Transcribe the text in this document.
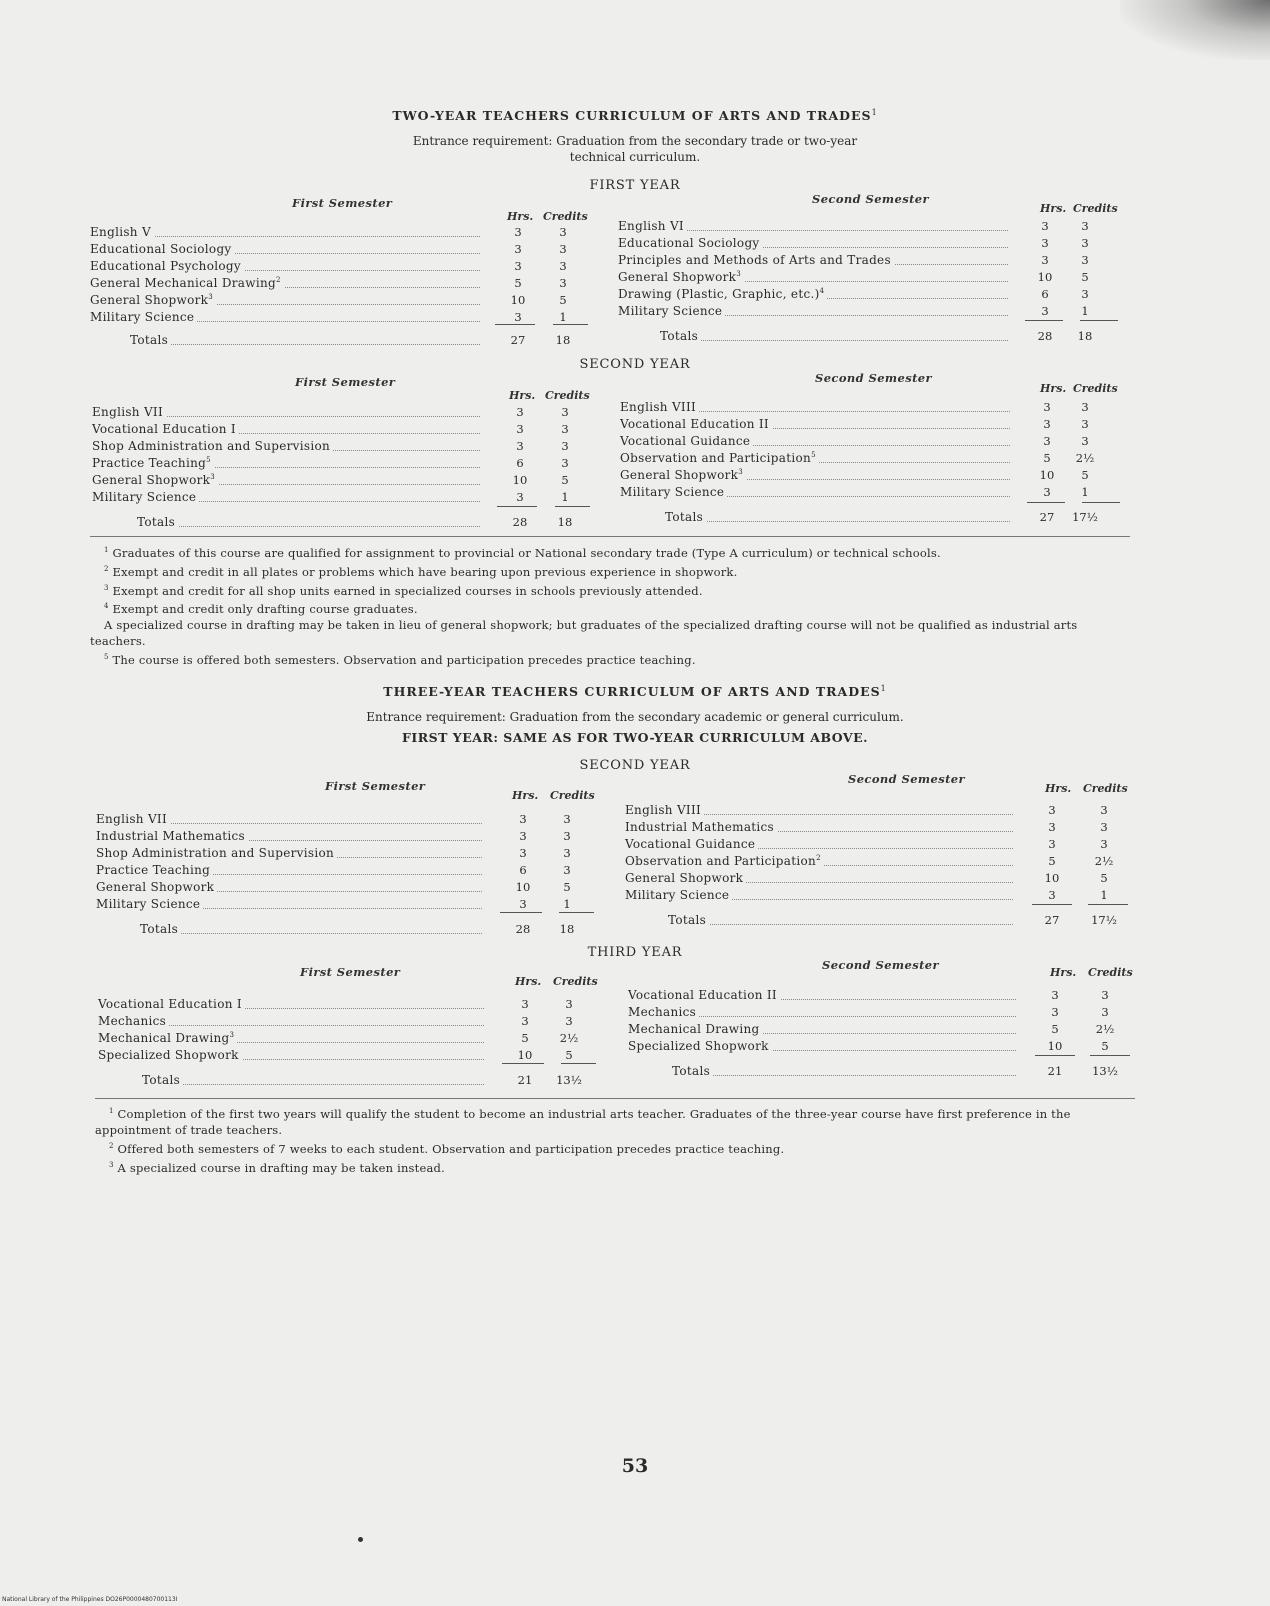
TWO-YEAR TEACHERS CURRICULUM OF ARTS AND TRADES$^1$
Entrance requirement: Graduation from the secondary trade or two-year
technical curriculum.
FIRST YEAR
First Semester	Second Semester
Hrs. Credits
Hrs. Credits
English V	3	3
Educational Sociology	3	3
Educational Psychology	3	3
General Mechanical Drawing$^2$	5	3
General Shopwork$^3$	10	5
Military Science	3	1
English VI	3	3
Educational Sociology	3	3
Principles and Methods of Arts and Trades	3	3
General Shopwork$^3$	10	5
Drawing (Plastic, Graphic, etc.)$^4$	6	3
Military Science	3	1
Totals	27	18	Totals	28	18
SECOND YEAR
First Semester	Second Semester
Hrs. Credits
Hrs. Credits
English VII	3	3
Vocational Education I	3	3
Shop Administration and Supervision	3	3
Practice Teaching$^5$	6	3
General Shopwork$^3$	10	5
Military Science	3	1
English VIII	3	3
Vocational Education II	3	3
Vocational Guidance	3	3
Observation and Participation$^5$	5	2½
General Shopwork$^3$	10	5
Military Science	3	1
Totals	28	18	Totals	27	17½
$^1$ Graduates of this course are qualified for assignment to provincial or National secondary trade (Type A curriculum) or technical schools.
$^2$ Exempt and credit in all plates or problems which have bearing upon previous experience in shopwork.
$^3$ Exempt and credit for all shop units earned in specialized courses in schools previously attended.
$^4$ Exempt and credit only drafting course graduates.
A specialized course in drafting may be taken in lieu of general shopwork; but graduates of the specialized drafting course will not be qualified as industrial arts teachers.
$^5$ The course is offered both semesters. Observation and participation precedes practice teaching.
THREE-YEAR TEACHERS CURRICULUM OF ARTS AND TRADES$^1$
Entrance requirement: Graduation from the secondary academic or general curriculum.
FIRST YEAR: SAME AS FOR TWO-YEAR CURRICULUM ABOVE.
SECOND YEAR
First Semester	Second Semester
Hrs. Credits
Hrs. Credits
English VII	3	3
Industrial Mathematics	3	3
Shop Administration and Supervision	3	3
Practice Teaching	6	3
General Shopwork	10	5
Military Science	3	1
English VIII	3	3
Industrial Mathematics	3	3
Vocational Guidance	3	3
Observation and Participation$^2$	5	2½
General Shopwork	10	5
Military Science	3	1
Totals	28	18
Totals	27	17½
THIRD YEAR
First Semester	Second Semester
Hrs. Credits
Hrs. Credits
Vocational Education I	3	3
Mechanics	3	3
Mechanical Drawing$^3$	5	2½
Specialized Shopwork	10	5
Vocational Education II	3	3
Mechanics	3	3
Mechanical Drawing	5	2½
Specialized Shopwork	10	5
Totals	21	13½
Totals	21	13½
$^1$ Completion of the first two years will qualify the student to become an industrial arts teacher. Graduates of the three-year course have first preference in the appointment of trade teachers.
$^2$ Offered both semesters of 7 weeks to each student. Observation and participation precedes practice teaching.
$^3$ A specialized course in drafting may be taken instead.
53
National Library of the Philippines DO26P0000480700113I
